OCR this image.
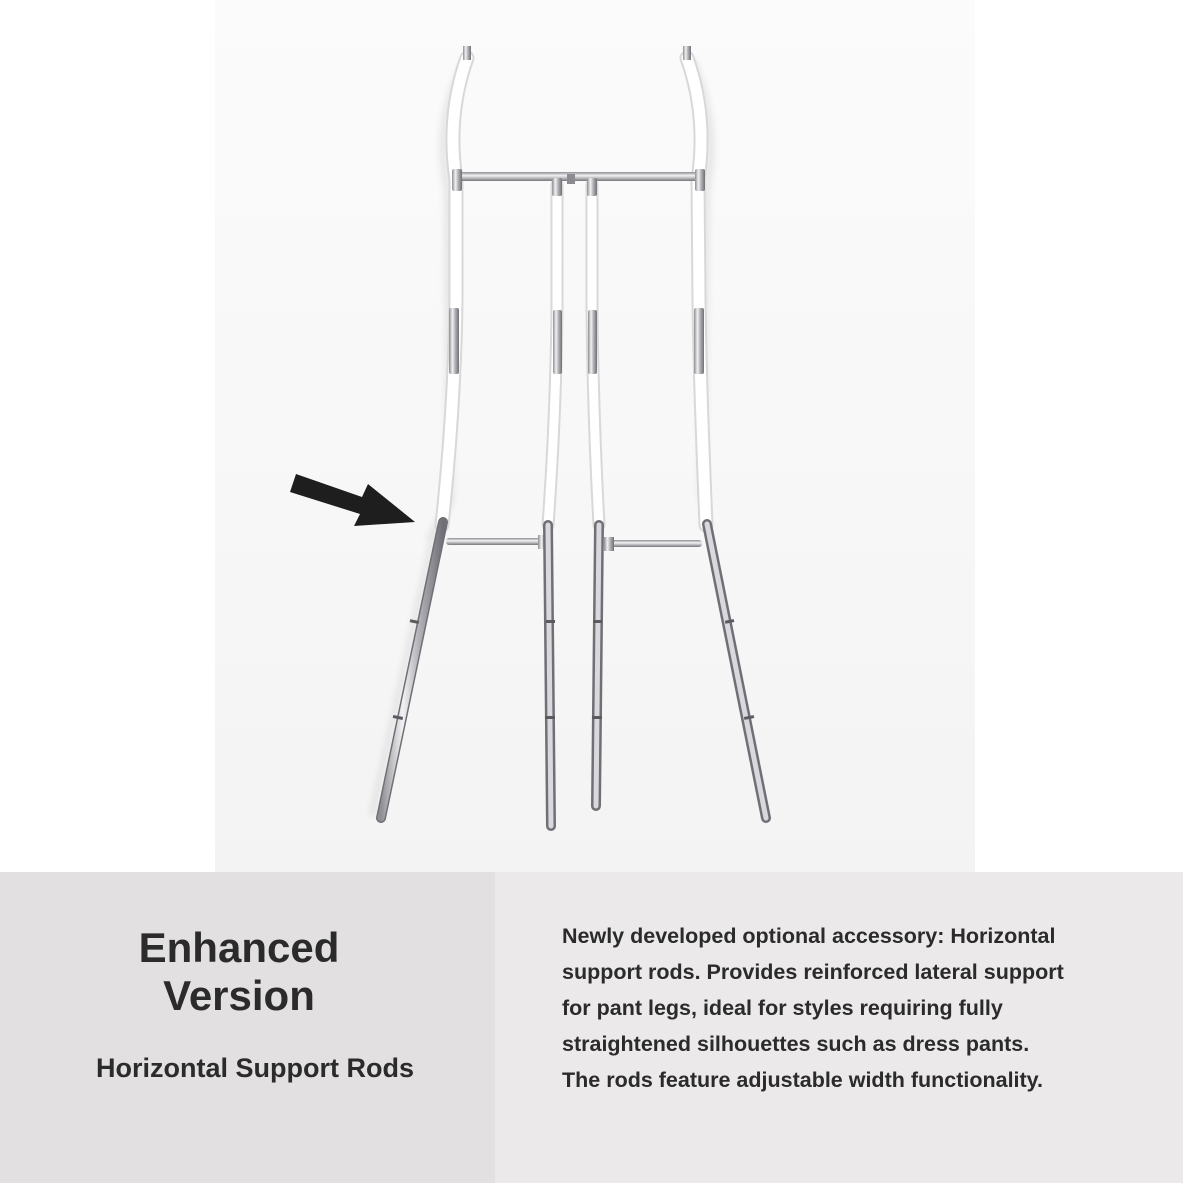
Enhanced
Version
Horizontal Support Rods
Newly developed optional accessory: Horizontal
support rods. Provides reinforced lateral support
for pant legs, ideal for styles requiring fully
straightened silhouettes such as dress pants.
The rods feature adjustable width functionality.
